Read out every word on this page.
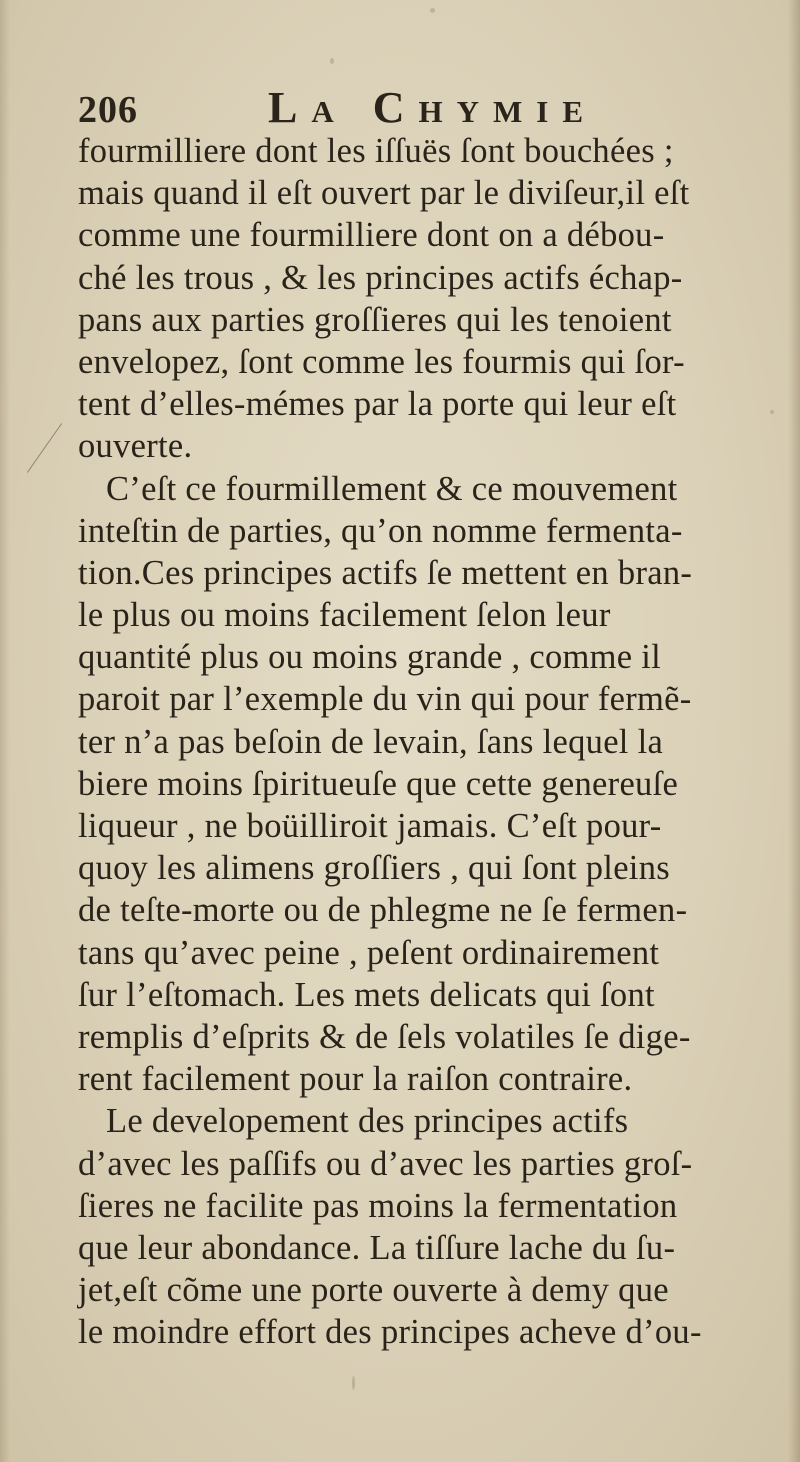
206	La Chymie
fourmilliere dont les iſſuës ſont bouchées ;
mais quand il eſt ouvert par le diviſeur,il eſt
comme une fourmilliere dont on a débou-
ché les trous , & les principes actifs échap-
pans aux parties groſſieres qui les tenoient
envelopez, ſont comme les fourmis qui ſor-
tent d’elles-mémes par la porte qui leur eſt
ouverte.
C’eſt ce fourmillement & ce mouvement
inteſtin de parties, qu’on nomme fermenta-
tion.Ces principes actifs ſe mettent en bran-
le plus ou moins facilement ſelon leur
quantité plus ou moins grande , comme il
paroit par l’exemple du vin qui pour fermẽ-
ter n’a pas beſoin de levain, ſans lequel la
biere moins ſpiritueuſe que cette genereuſe
liqueur , ne boüilliroit jamais. C’eſt pour-
quoy les alimens groſſiers , qui ſont pleins
de teſte-morte ou de phlegme ne ſe fermen-
tans qu’avec peine , peſent ordinairement
ſur l’eſtomach. Les mets delicats qui ſont
remplis d’eſprits & de ſels volatiles ſe dige-
rent facilement pour la raiſon contraire.
Le developement des principes actifs
d’avec les paſſifs ou d’avec les parties groſ-
ſieres ne facilite pas moins la fermentation
que leur abondance. La tiſſure lache du ſu-
jet,eſt cõme une porte ouverte à demy que
le moindre effort des principes acheve d’ou-
